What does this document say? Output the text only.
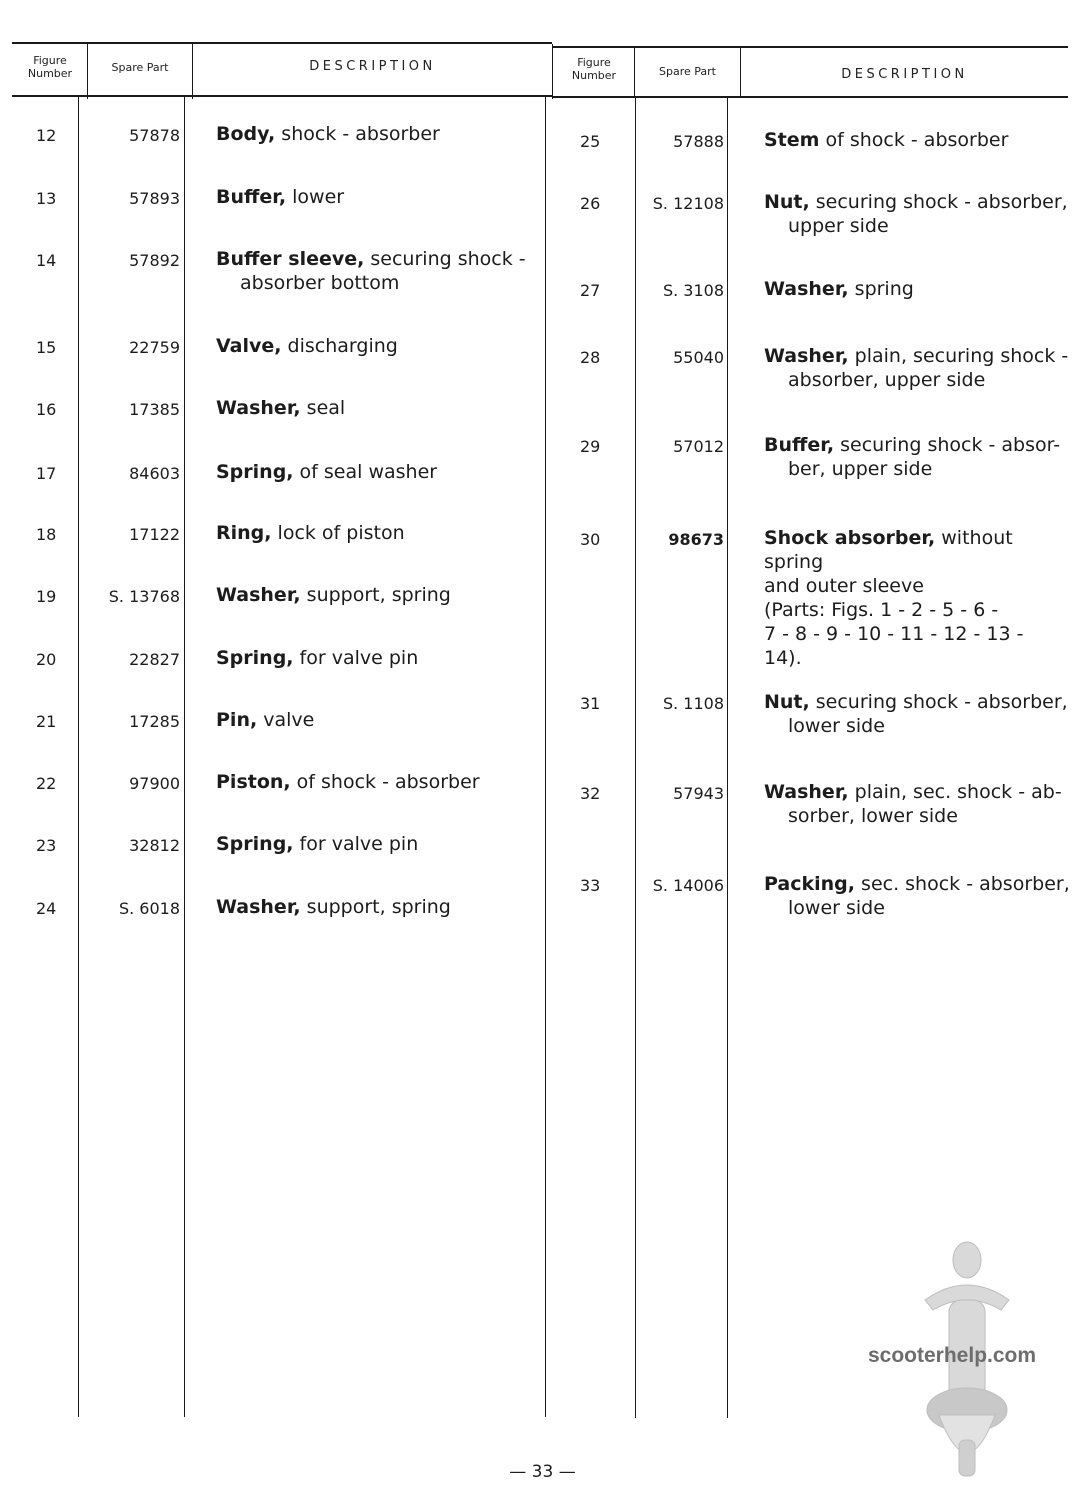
Figure
Number	Spare Part	DESCRIPTION	Figure
Number	Spare Part	DESCRIPTION
12	57878 Body, shock - absorber
13	57893 Buffer, lower
14	57892 Buffer sleeve, securing shock -
absorber bottom
15	22759 Valve, discharging
16	17385 Washer, seal
17	84603 Spring, of seal washer
18	17122 Ring, lock of piston
19	S. 13768 Washer, support, spring
20	22827 Spring, for valve pin
21	17285 Pin, valve
22	97900 Piston, of shock - absorber
23	32812 Spring, for valve pin
24	S. 6018 Washer, support, spring
25	57888 Stem of shock - absorber
26	S. 12108 Nut, securing shock - absorber,
upper side
27	S. 3108 Washer, spring
28	55040 Washer, plain, securing shock -
absorber, upper side
29	57012 Buffer, securing shock - absor-
ber, upper side
30	98673 Shock absorber, without spring
and outer sleeve
(Parts: Figs. 1 - 2 - 5 - 6 -
7 - 8 - 9 - 10 - 11 - 12 - 13 -
14).
31	S. 1108 Nut, securing shock - absorber,
lower side
32	57943 Washer, plain, sec. shock - ab-
sorber, lower side
33	S. 14006 Packing, sec. shock - absorber,
lower side
— 33 —
scooterhelp.com
